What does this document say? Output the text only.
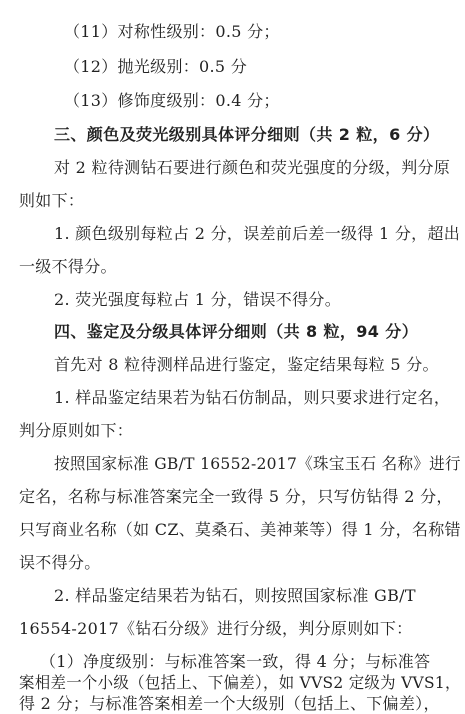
（11）对称性级别：0.5 分；
（12）抛光级别：0.5 分
（13）修饰度级别：0.4 分；
三、颜色及荧光级别具体评分细则（共 2 粒，6 分）
对 2 粒待测钻石要进行颜色和荧光强度的分级，判分原
则如下：
1. 颜色级别每粒占 2 分，误差前后差一级得 1 分，超出
一级不得分。
2. 荧光强度每粒占 1 分，错误不得分。
四、鉴定及分级具体评分细则（共 8 粒，94 分）
首先对 8 粒待测样品进行鉴定，鉴定结果每粒 5 分。
1. 样品鉴定结果若为钻石仿制品，则只要求进行定名，
判分原则如下：
按照国家标准 GB/T 16552-2017《珠宝玉石 名称》进行
定名，名称与标准答案完全一致得 5 分，只写仿钻得 2 分，
只写商业名称（如 CZ、莫桑石、美神莱等）得 1 分，名称错
误不得分。
2. 样品鉴定结果若为钻石，则按照国家标准 GB/T
16554-2017《钻石分级》进行分级，判分原则如下：
（1）净度级别：与标准答案一致，得 4 分；与标准答
案相差一个小级（包括上、下偏差），如 VVS2 定级为 VVS1，
得 2 分；与标准答案相差一个大级别（包括上、下偏差），
